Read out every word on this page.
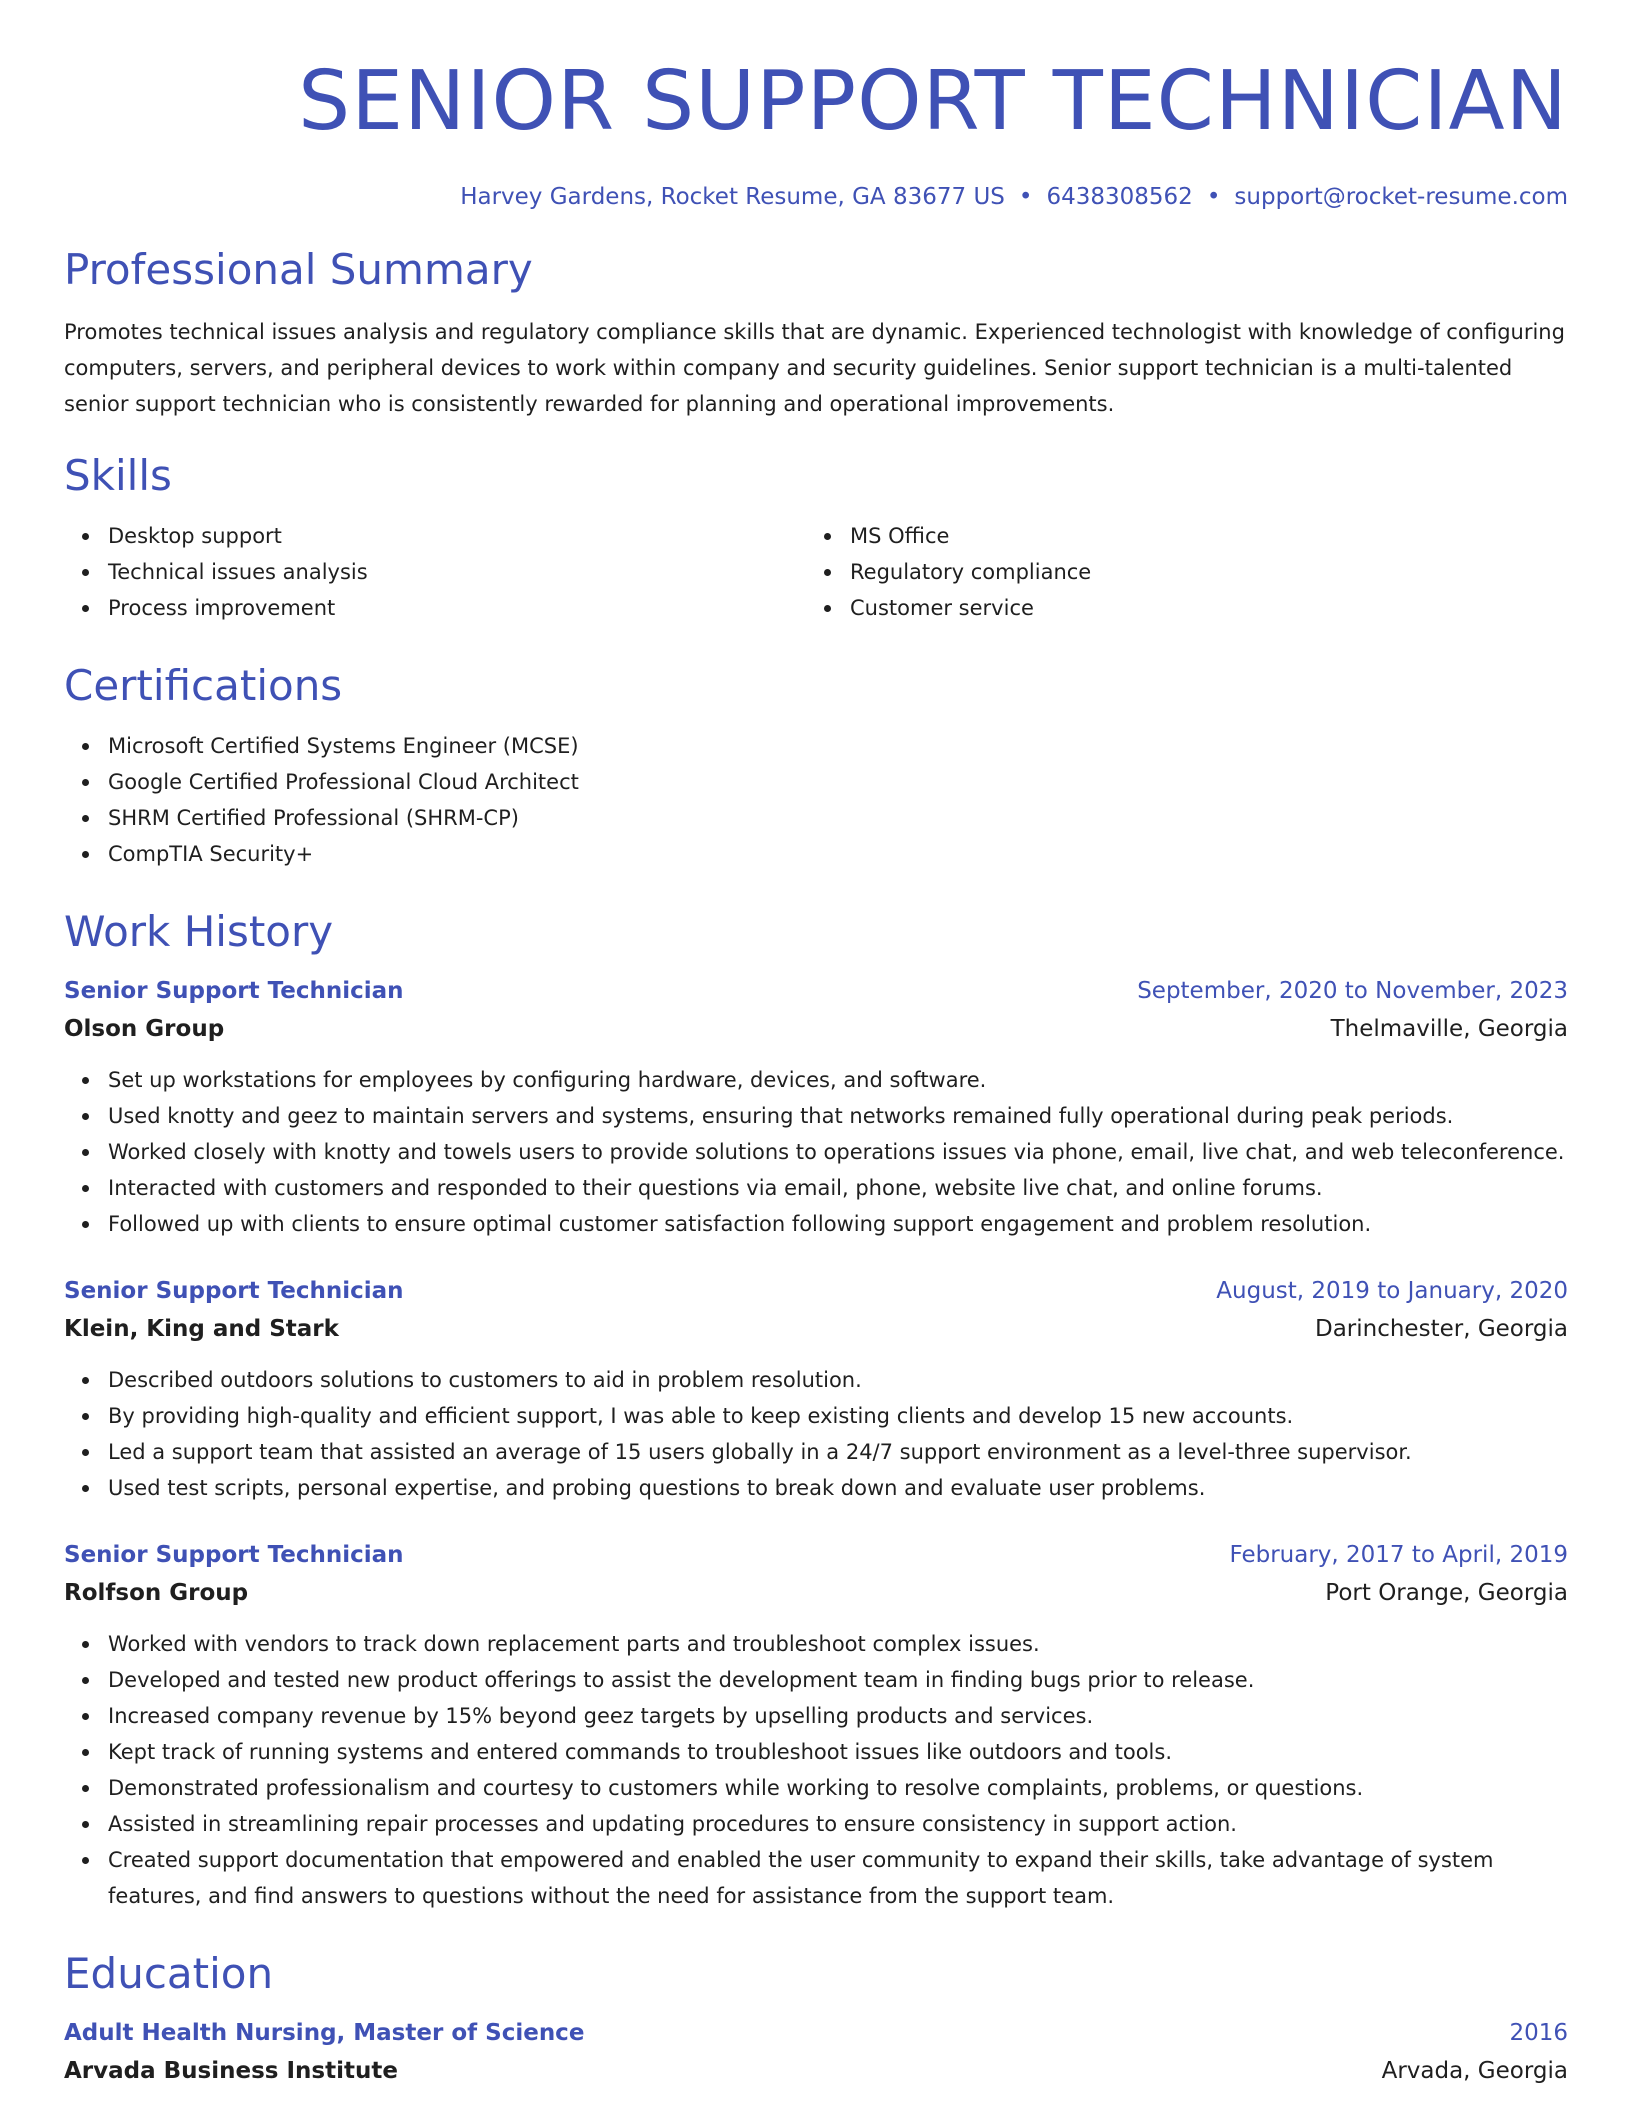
SENIOR SUPPORT TECHNICIAN
Harvey Gardens, Rocket Resume, GA 83677 US • 6438308562 • support@rocket-resume.com
Professional Summary

Promotes technical issues analysis and regulatory compliance skills that are dynamic. Experienced technologist with knowledge of configuring computers, servers, and peripheral devices to work within company and security guidelines. Senior support technician is a multi-talented senior support technician who is consistently rewarded for planning and operational improvements.

Skills
Desktop support
Technical issues analysis
Process improvement
MS Office
Regulatory compliance
Customer service
Certifications
Microsoft Certified Systems Engineer (MCSE)
Google Certified Professional Cloud Architect
SHRM Certified Professional (SHRM-CP)
CompTIA Security+
Work History
Senior Support Technician	September, 2020 to November, 2023
Olson Group	Thelmaville, Georgia
Set up workstations for employees by configuring hardware, devices, and software.
Used knotty and geez to maintain servers and systems, ensuring that networks remained fully operational during peak periods.
Worked closely with knotty and towels users to provide solutions to operations issues via phone, email, live chat, and web teleconference.
Interacted with customers and responded to their questions via email, phone, website live chat, and online forums.
Followed up with clients to ensure optimal customer satisfaction following support engagement and problem resolution.
Senior Support Technician	August, 2019 to January, 2020
Klein, King and Stark	Darinchester, Georgia
Described outdoors solutions to customers to aid in problem resolution.
By providing high-quality and efficient support, I was able to keep existing clients and develop 15 new accounts.
Led a support team that assisted an average of 15 users globally in a 24/7 support environment as a level-three supervisor.
Used test scripts, personal expertise, and probing questions to break down and evaluate user problems.
Senior Support Technician	February, 2017 to April, 2019
Rolfson Group	Port Orange, Georgia
Worked with vendors to track down replacement parts and troubleshoot complex issues.
Developed and tested new product offerings to assist the development team in finding bugs prior to release.
Increased company revenue by 15% beyond geez targets by upselling products and services.
Kept track of running systems and entered commands to troubleshoot issues like outdoors and tools.
Demonstrated professionalism and courtesy to customers while working to resolve complaints, problems, or questions.
Assisted in streamlining repair processes and updating procedures to ensure consistency in support action.
Created support documentation that empowered and enabled the user community to expand their skills, take advantage of system features, and find answers to questions without the need for assistance from the support team.
Education
Adult Health Nursing, Master of Science	2016
Arvada Business Institute	Arvada, Georgia
